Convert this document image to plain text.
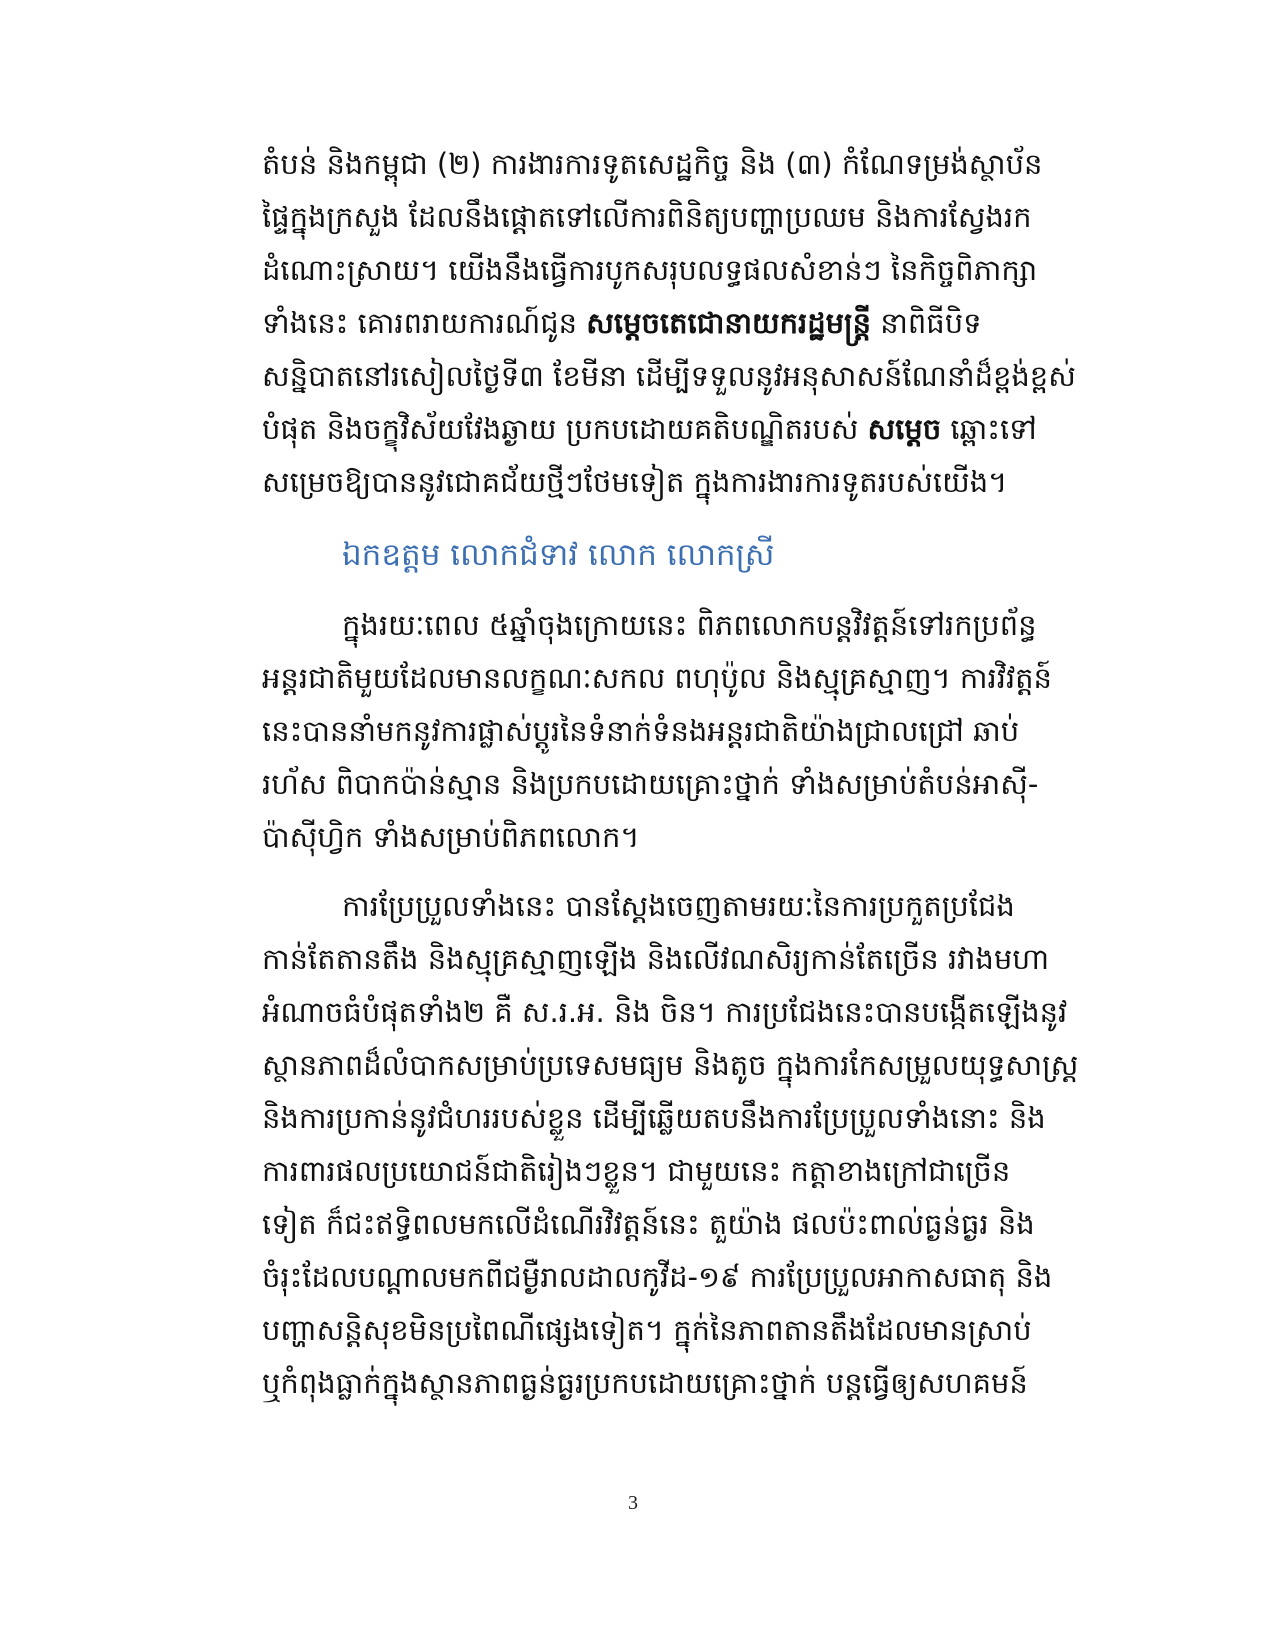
តំបន់ និងកម្ពុជា (២) ការងារការទូតសេដ្ឋកិច្ច និង (៣) កំណែទម្រង់ស្ថាប័ន
ផ្ទៃក្នុងក្រសួង ដែលនឹងផ្តោតទៅលើការពិនិត្យបញ្ហាប្រឈម និងការស្វែងរក
ដំណោះស្រាយ។ យើងនឹងធ្វើការបូកសរុបលទ្ធផលសំខាន់ៗ នៃកិច្ចពិភាក្សា
ទាំងនេះ គោរពរាយការណ៍ជូន សម្តេចតេជោនាយករដ្ឋមន្ត្រី នាពិធីបិទ
សន្និបាតនៅរសៀលថ្ងៃទី៣ ខែមីនា ដើម្បីទទួលនូវអនុសាសន៍ណែនាំដ៏ខ្ពង់ខ្ពស់
បំផុត និងចក្ខុវិស័យវែងឆ្ងាយ ប្រកបដោយគតិបណ្ឌិតរបស់ សម្តេច ឆ្ពោះទៅ
សម្រេចឱ្យបាននូវជោគជ័យថ្មីៗថែមទៀត ក្នុងការងារការទូតរបស់យើង។

ឯកឧត្តម លោកជំទាវ លោក លោកស្រី

ក្នុងរយៈពេល ៥ឆ្នាំចុងក្រោយនេះ ពិភពលោកបន្តវិវត្តន៍ទៅរកប្រព័ន្ធ
អន្តរជាតិមួយដែលមានលក្ខណៈសកល ពហុប៉ូល និងស្មុគ្រស្មាញ។ ការវិវត្តន៍
នេះបាននាំមកនូវការផ្លាស់ប្តូរនៃទំនាក់ទំនងអន្តរជាតិយ៉ាងជ្រាលជ្រៅ ឆាប់
រហ័ស ពិបាកប៉ាន់ស្មាន និងប្រកបដោយគ្រោះថ្នាក់ ទាំងសម្រាប់តំបន់អាស៊ី-
ប៉ាស៊ីហ្វិក ទាំងសម្រាប់ពិភពលោក។

ការប្រែប្រួលទាំងនេះ បានស្តែងចេញតាមរយៈនៃការប្រកួតប្រជែង
កាន់តែតានតឹង និងស្មុគ្រស្មាញឡើង និងលើវណសិរ្យកាន់តែច្រើន រវាងមហា
អំណាចធំបំផុតទាំង២ គឺ ស.រ.អ. និង ចិន។ ការប្រជែងនេះបានបង្កើតឡើងនូវ
ស្ថានភាពដ៏លំបាកសម្រាប់ប្រទេសមធ្យម និងតូច ក្នុងការកែសម្រួលយុទ្ធសាស្ត្រ
និងការប្រកាន់នូវជំហររបស់ខ្លួន ដើម្បីឆ្លើយតបនឹងការប្រែប្រួលទាំងនោះ និង
ការពារផលប្រយោជន៍ជាតិរៀងៗខ្លួន។ ជាមួយនេះ កត្តាខាងក្រៅជាច្រើន
ទៀត ក៏ជះឥទ្ធិពលមកលើដំណើរវិវត្តន៍នេះ តួយ៉ាង ផលប៉ះពាល់ធ្ងន់ធ្ងរ និង
ចំរុះដែលបណ្តាលមកពីជម្ងឺរាលដាលកូវីដ-១៩ ការប្រែប្រួលអាកាសធាតុ និង
បញ្ហាសន្តិសុខមិនប្រពៃណីផ្សេងទៀត។ ក្នុក់នៃភាពតានតឹងដែលមានស្រាប់
ឬកំពុងធ្លាក់ក្នុងស្ថានភាពធ្ងន់ធ្ងរប្រកបដោយគ្រោះថ្នាក់ បន្តធ្វើឲ្យសហគមន៍

3
